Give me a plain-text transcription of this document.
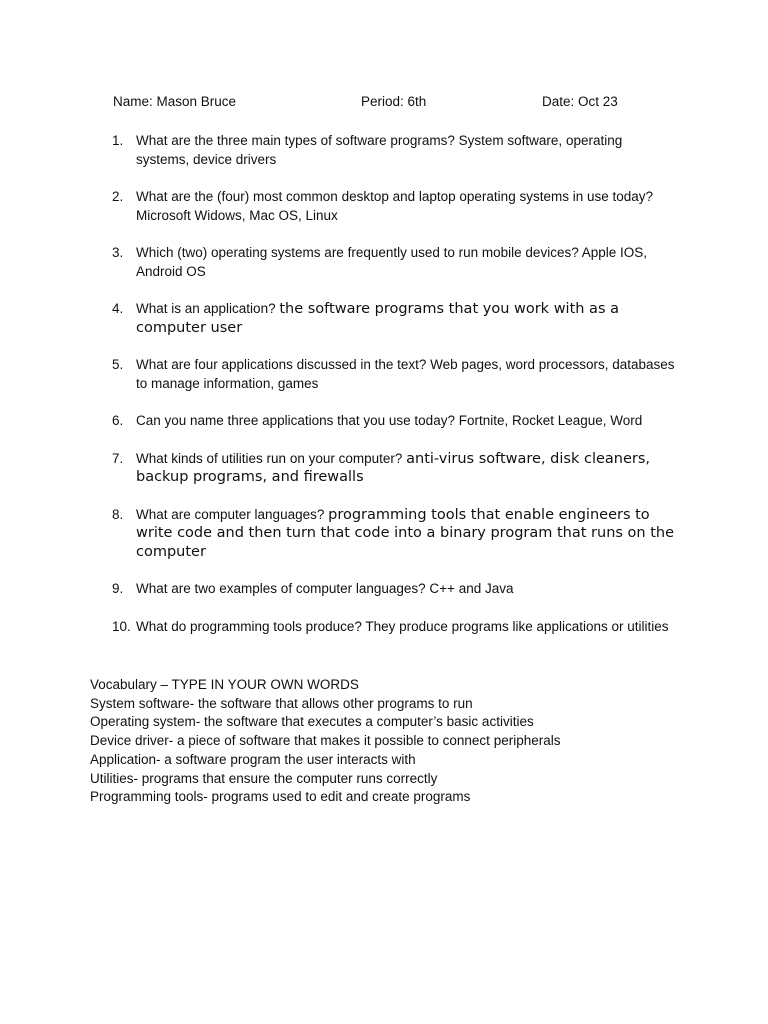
Name: Mason Bruce	Period: 6th	Date: Oct 23
1. What are the three main types of software programs? System software, operating systems, device drivers
2. What are the (four) most common desktop and laptop operating systems in use today? Microsoft Widows, Mac OS, Linux
3. Which (two) operating systems are frequently used to run mobile devices? Apple IOS, Android OS
4. What is an application? the software programs that you work with as a computer user
5. What are four applications discussed in the text? Web pages, word processors, databases to manage information, games
6. Can you name three applications that you use today? Fortnite, Rocket League, Word
7. What kinds of utilities run on your computer? anti-virus software, disk cleaners, backup programs, and firewalls
8. What are computer languages? programming tools that enable engineers to write code and then turn that code into a binary program that runs on the computer
9. What are two examples of computer languages? C++ and Java
10. What do programming tools produce? They produce programs like applications or utilities
Vocabulary – TYPE IN YOUR OWN WORDS
System software- the software that allows other programs to run
Operating system- the software that executes a computer’s basic activities
Device driver- a piece of software that makes it possible to connect peripherals
Application- a software program the user interacts with
Utilities- programs that ensure the computer runs correctly
Programming tools- programs used to edit and create programs
